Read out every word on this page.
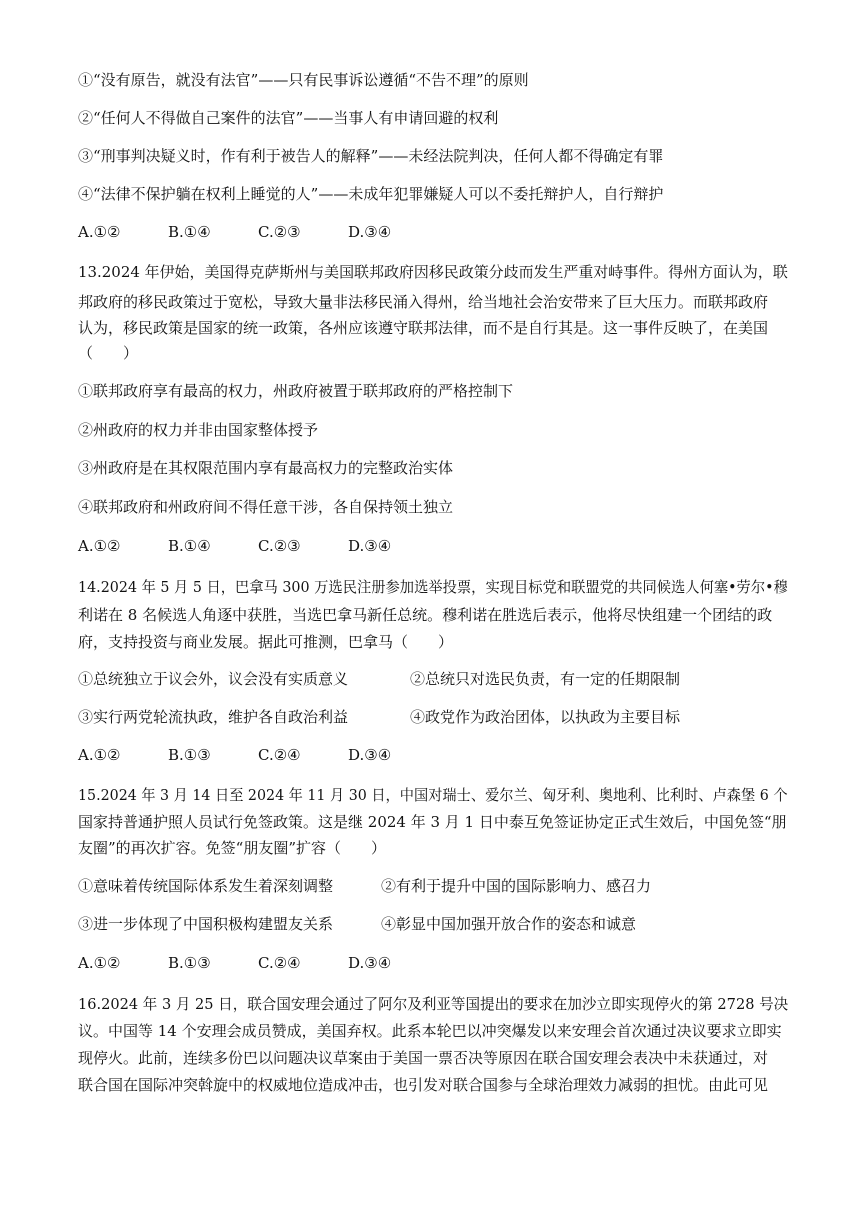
①“没有原告，就没有法官”——只有民事诉讼遵循“不告不理”的原则
②“任何人不得做自己案件的法官”——当事人有申请回避的权利
③“刑事判决疑义时，作有利于被告人的解释”——未经法院判决，任何人都不得确定有罪
④“法律不保护躺在权利上睡觉的人”——未成年犯罪嫌疑人可以不委托辩护人，自行辩护
A.①②	B.①④	C.②③	D.③④
13.2024 年伊始，美国得克萨斯州与美国联邦政府因移民政策分歧而发生严重对峙事件。得州方面认为，联
邦政府的移民政策过于宽松，导致大量非法移民涌入得州，给当地社会治安带来了巨大压力。而联邦政府
认为，移民政策是国家的统一政策，各州应该遵守联邦法律，而不是自行其是。这一事件反映了，在美国
（　　）
①联邦政府享有最高的权力，州政府被置于联邦政府的严格控制下
②州政府的权力并非由国家整体授予
③州政府是在其权限范围内享有最高权力的完整政治实体
④联邦政府和州政府间不得任意干涉，各自保持领土独立
A.①②	B.①④	C.②③	D.③④
14.2024 年 5 月 5 日，巴拿马 300 万选民注册参加选举投票，实现目标党和联盟党的共同候选人何塞•劳尔•穆
利诺在 8 名候选人角逐中获胜，当选巴拿马新任总统。穆利诺在胜选后表示，他将尽快组建一个团结的政
府，支持投资与商业发展。据此可推测，巴拿马（　　）
①总统独立于议会外，议会没有实质意义	②总统只对选民负责，有一定的任期限制
③实行两党轮流执政，维护各自政治利益	④政党作为政治团体，以执政为主要目标
A.①②	B.①③	C.②④	D.③④
15.2024 年 3 月 14 日至 2024 年 11 月 30 日，中国对瑞士、爱尔兰、匈牙利、奥地利、比利时、卢森堡 6 个
国家持普通护照人员试行免签政策。这是继 2024 年 3 月 1 日中泰互免签证协定正式生效后，中国免签“朋
友圈”的再次扩容。免签“朋友圈”扩容（　　）
①意味着传统国际体系发生着深刻调整	②有利于提升中国的国际影响力、感召力
③进一步体现了中国积极构建盟友关系	④彰显中国加强开放合作的姿态和诚意
A.①②	B.①③	C.②④	D.③④
16.2024 年 3 月 25 日，联合国安理会通过了阿尔及利亚等国提出的要求在加沙立即实现停火的第 2728 号决
议。中国等 14 个安理会成员赞成，美国弃权。此系本轮巴以冲突爆发以来安理会首次通过决议要求立即实
现停火。此前，连续多份巴以问题决议草案由于美国一票否决等原因在联合国安理会表决中未获通过，对
联合国在国际冲突斡旋中的权威地位造成冲击，也引发对联合国参与全球治理效力减弱的担忧。由此可见
